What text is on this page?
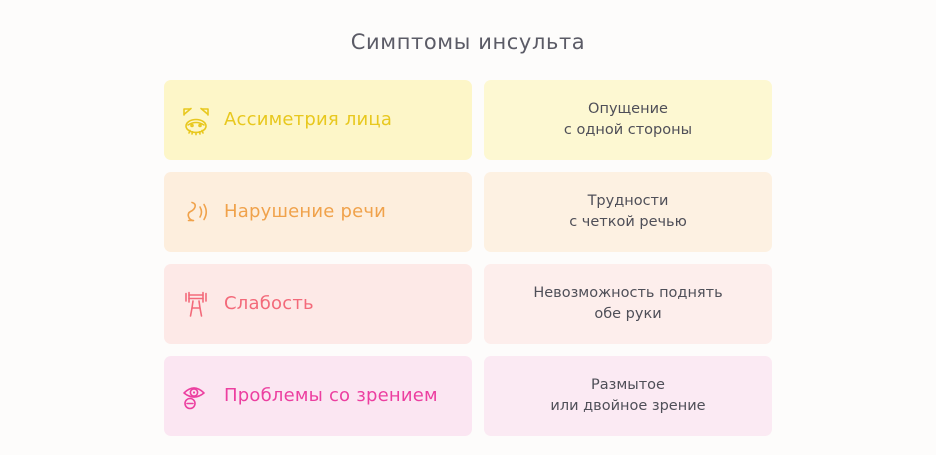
Симптомы инсульта
Ассиметрия лица
Опущение
с одной стороны
Нарушение речи
Трудности
с четкой речью
Слабость
Невозможность поднять
обе руки
Проблемы со зрением
Размытое
или двойное зрение
